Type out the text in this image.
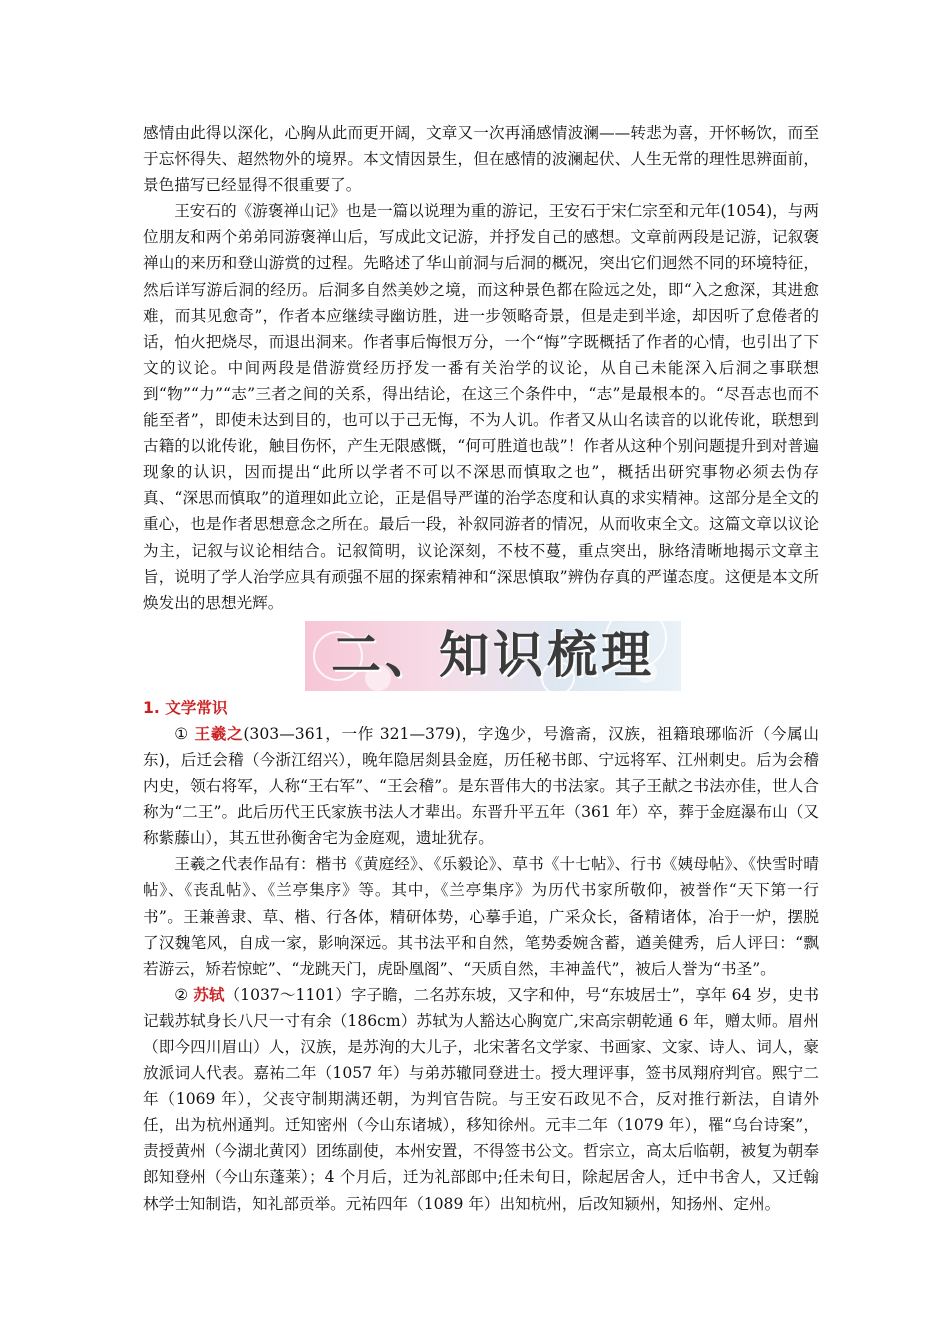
感情由此得以深化，心胸从此而更开阔，文章又一次再涌感情波澜——转悲为喜，开怀畅饮，而至于忘怀得失、超然物外的境界。本文情因景生，但在感情的波澜起伏、人生无常的理性思辨面前，景色描写已经显得不很重要了。

王安石的《游褒禅山记》也是一篇以说理为重的游记，王安石于宋仁宗至和元年(1054)，与两位朋友和两个弟弟同游褒禅山后，写成此文记游，并抒发自己的感想。文章前两段是记游，记叙褒禅山的来历和登山游赏的过程。先略述了华山前洞与后洞的概况，突出它们迥然不同的环境特征，然后详写游后洞的经历。后洞多自然美妙之境，而这种景色都在险远之处，即“入之愈深，其进愈难，而其见愈奇”，作者本应继续寻幽访胜，进一步领略奇景，但是走到半途，却因听了怠倦者的话，怕火把烧尽，而退出洞来。作者事后悔恨万分，一个“悔”字既概括了作者的心情，也引出了下文的议论。中间两段是借游赏经历抒发一番有关治学的议论，从自己未能深入后洞之事联想到“物”“力”“志”三者之间的关系，得出结论，在这三个条件中，“志”是最根本的。“尽吾志也而不能至者”，即使未达到目的，也可以于己无悔，不为人讥。作者又从山名读音的以讹传讹，联想到古籍的以讹传讹，触目伤怀，产生无限感慨，“何可胜道也哉”！作者从这种个别问题提升到对普遍现象的认识，因而提出“此所以学者不可以不深思而慎取之也”，概括出研究事物必须去伪存真、“深思而慎取”的道理如此立论，正是倡导严谨的治学态度和认真的求实精神。这部分是全文的重心，也是作者思想意念之所在。最后一段，补叙同游者的情况，从而收束全文。这篇文章以议论为主，记叙与议论相结合。记叙简明，议论深刻，不枝不蔓，重点突出，脉络清晰地揭示文章主旨，说明了学人治学应具有顽强不屈的探索精神和“深思慎取”辨伪存真的严谨态度。这便是本文所焕发出的思想光辉。

二、知识梳理

1. 文学常识

① 王羲之(303—361，一作 321—379)，字逸少，号澹斋，汉族，祖籍琅琊临沂（今属山东)，后迁会稽（今浙江绍兴），晚年隐居剡县金庭，历任秘书郎、宁远将军、江州刺史。后为会稽内史，领右将军，人称“王右军”、“王会稽”。是东晋伟大的书法家。其子王献之书法亦佳，世人合称为“二王”。此后历代王氏家族书法人才辈出。东晋升平五年（361 年）卒，葬于金庭瀑布山（又称紫藤山），其五世孙衡舍宅为金庭观，遗址犹存。

王羲之代表作品有：楷书《黄庭经》、《乐毅论》、草书《十七帖》、行书《姨母帖》、《快雪时晴帖》、《丧乱帖》、《兰亭集序》等。其中，《兰亭集序》为历代书家所敬仰，被誉作“天下第一行书”。王兼善隶、草、楷、行各体，精研体势，心摹手追，广采众长，备精诸体，冶于一炉，摆脱了汉魏笔风，自成一家，影响深远。其书法平和自然，笔势委婉含蓄，遒美健秀，后人评曰：“飘若游云，矫若惊蛇”、“龙跳天门，虎卧凰阁”、“天质自然，丰神盖代”，被后人誉为“书圣”。

② 苏轼（1037～1101）字子瞻，二名苏东坡，又字和仲，号“东坡居士”，享年 64 岁，史书记载苏轼身长八尺一寸有余（186cm）苏轼为人豁达心胸宽广,宋高宗朝乾通 6 年，赠太师。眉州（即今四川眉山）人，汉族，是苏洵的大儿子，北宋著名文学家、书画家、文家、诗人、词人，豪放派词人代表。嘉祐二年（1057 年）与弟苏辙同登进士。授大理评事，签书凤翔府判官。熙宁二年（1069 年），父丧守制期满还朝，为判官告院。与王安石政见不合，反对推行新法，自请外任，出为杭州通判。迁知密州（今山东诸城），移知徐州。元丰二年（1079 年），罹“乌台诗案”，责授黄州（今湖北黄冈）团练副使，本州安置，不得签书公文。哲宗立，高太后临朝，被复为朝奉郎知登州（今山东蓬莱）；4 个月后，迁为礼部郎中;任未旬日，除起居舍人，迁中书舍人，又迁翰林学士知制诰，知礼部贡举。元祐四年（1089 年）出知杭州，后改知颍州，知扬州、定州。
